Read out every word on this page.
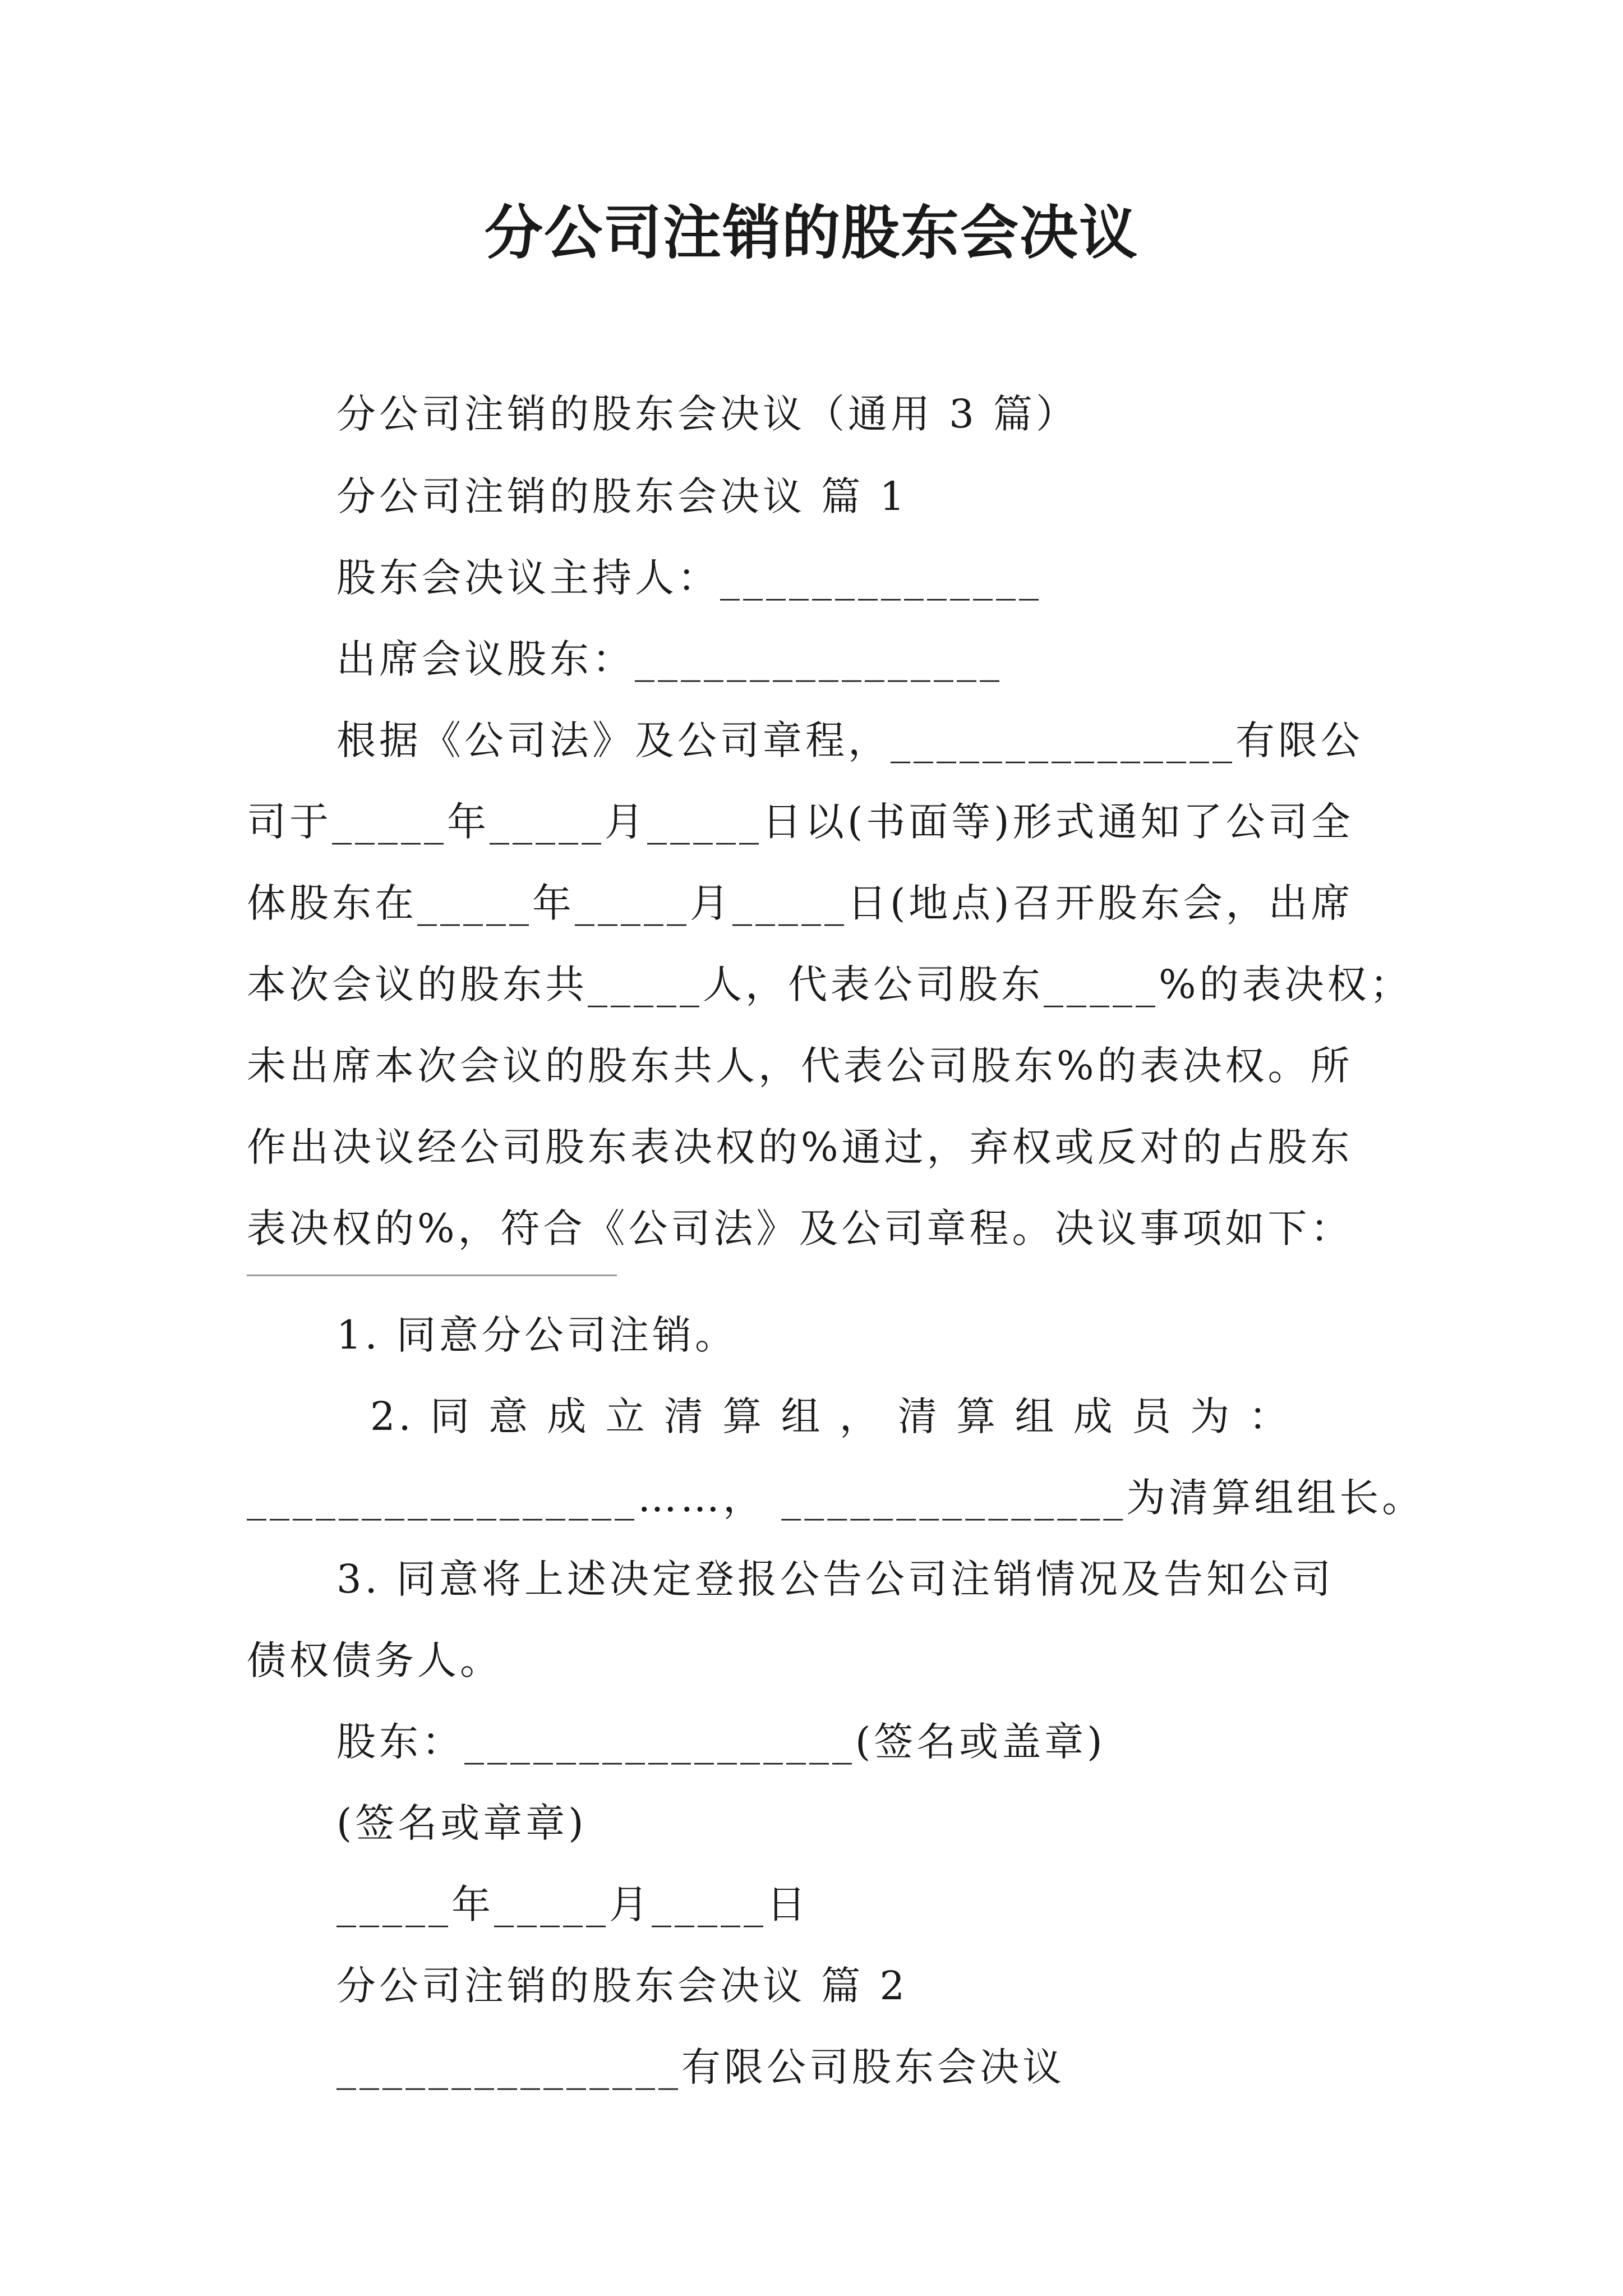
分公司注销的股东会决议
分公司注销的股东会决议（通用 3 篇）
分公司注销的股东会决议 篇 1
股东会决议主持人：______________
出席会议股东：________________
根据《公司法》及公司章程，_______________有限公
司于_____年_____月_____日以(书面等)形式通知了公司全
体股东在_____年_____月_____日(地点)召开股东会，出席
本次会议的股东共_____人，代表公司股东_____%的表决权；
未出席本次会议的股东共人，代表公司股东%的表决权。所
作出决议经公司股东表决权的%通过，弃权或反对的占股东
表决权的%，符合《公司法》及公司章程。决议事项如下：
1. 同意分公司注销。
2. 同 意 成 立 清 算 组 ， 清 算 组 成 员 为 ：
_________________……， _______________为清算组组长。
3. 同意将上述决定登报公告公司注销情况及告知公司
债权债务人。
股东：_________________(签名或盖章)
(签名或章章)
_____年_____月_____日
分公司注销的股东会决议 篇 2
_______________有限公司股东会决议
